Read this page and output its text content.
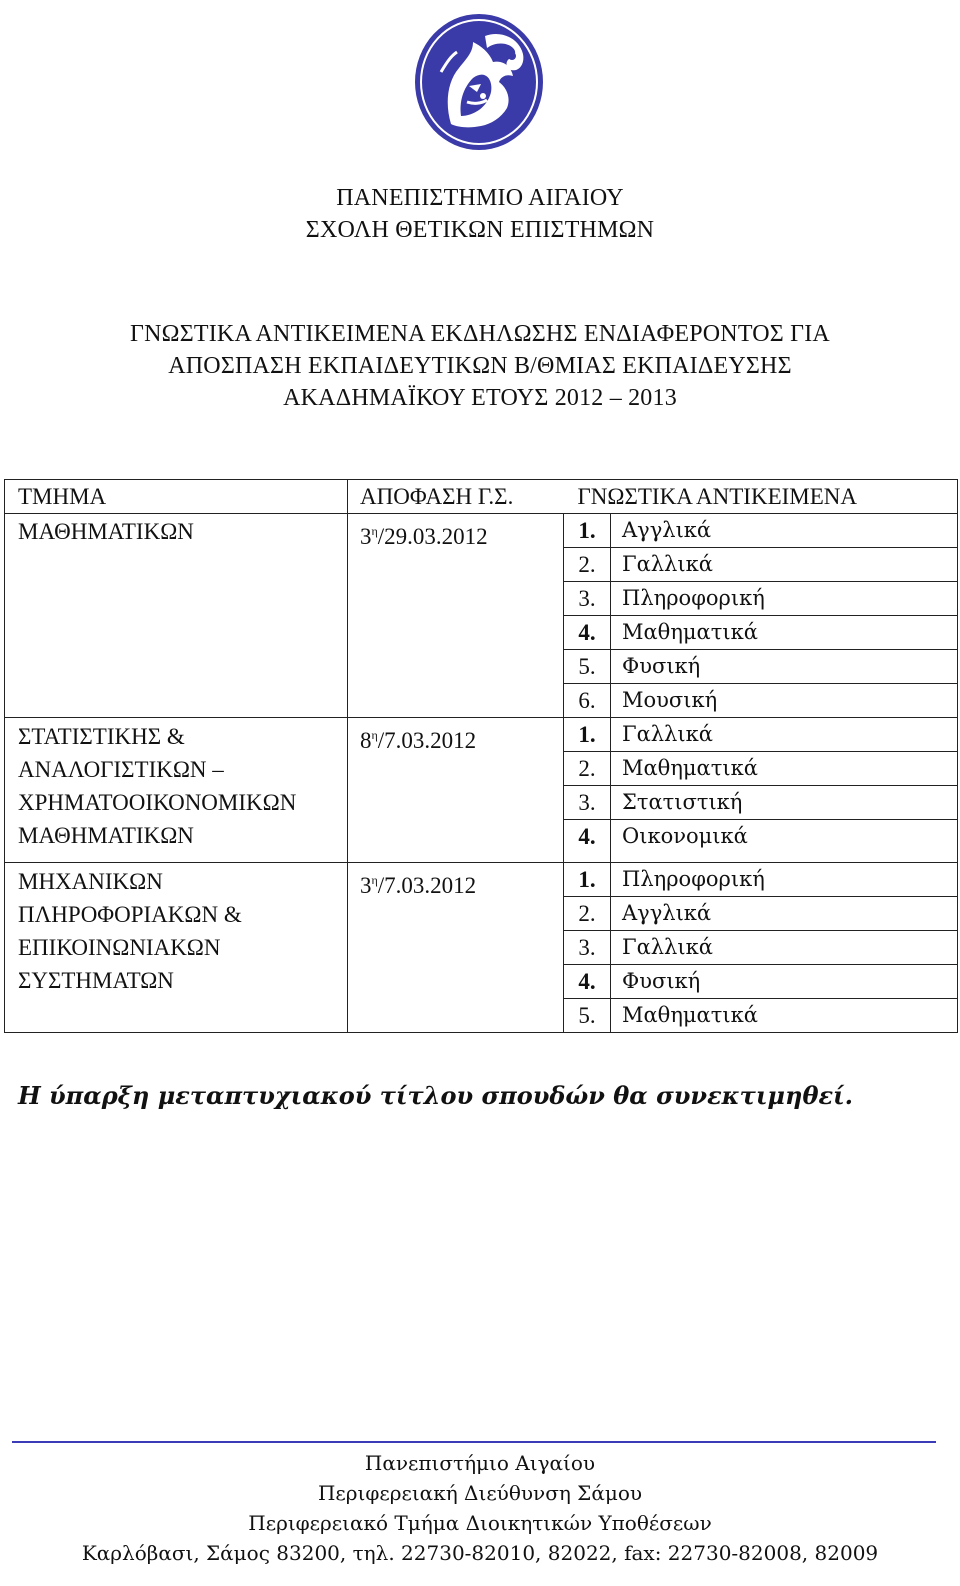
ΠΑΝΕΠΙΣΤΗΜΙΟ ΑΙΓΑΙΟΥ
ΣΧΟΛΗ ΘΕΤΙΚΩΝ ΕΠΙΣΤΗΜΩΝ
ΓΝΩΣΤΙΚΑ ΑΝΤΙΚΕΙΜΕΝΑ ΕΚΔΗΛΩΣΗΣ ΕΝΔΙΑΦΕΡΟΝΤΟΣ ΓΙΑ
ΑΠΟΣΠΑΣΗ ΕΚΠΑΙΔΕΥΤΙΚΩΝ Β/ΘΜΙΑΣ ΕΚΠΑΙΔΕΥΣΗΣ
ΑΚΑΔΗΜΑΪΚΟΥ ΕΤΟΥΣ 2012 – 2013
ΤΜΗΜΑ	ΑΠΟΦΑΣΗ Γ.Σ.	ΓΝΩΣΤΙΚΑ ΑΝΤΙΚΕΙΜΕΝΑ	
ΜΑΘΗΜΑΤΙΚΩΝ	$3^\eta/29.03.2012$	1.	Αγγλικά
		2.	Γαλλικά
		3.	Πληροφορική
		4.	Μαθηματικά
		5.	Φυσική
		6.	Μουσική

ΣΤΑΤΙΣΤΙΚΗΣ &
ΑΝΑΛΟΓΙΣΤΙΚΩΝ –
ΧΡΗΜΑΤΟΟΙΚΟΝΟΜΙΚΩΝ
ΜΑΘΗΜΑΤΙΚΩΝ	$8^\eta/7.03.2012$	1.	Γαλλικά
		2.	Μαθηματικά
		3.	Στατιστική
		4.	Οικονομικά

ΜΗΧΑΝΙΚΩΝ
ΠΛΗΡΟΦΟΡΙΑΚΩΝ &
ΕΠΙΚΟΙΝΩΝΙΑΚΩΝ
ΣΥΣΤΗΜΑΤΩΝ	$3^\eta/7.03.2012$	1.	Πληροφορική
		2.	Αγγλικά
		3.	Γαλλικά
		4.	Φυσική
		5.	Μαθηματικά
Η ύπαρξη μεταπτυχιακού τίτλου σπουδών θα συνεκτιμηθεί.
Πανεπιστήμιο Αιγαίου
Περιφερειακή Διεύθυνση Σάμου
Περιφερειακό Τμήμα Διοικητικών Υποθέσεων
Καρλόβασι, Σάμος 83200, τηλ. 22730-82010, 82022, fax: 22730-82008, 82009
